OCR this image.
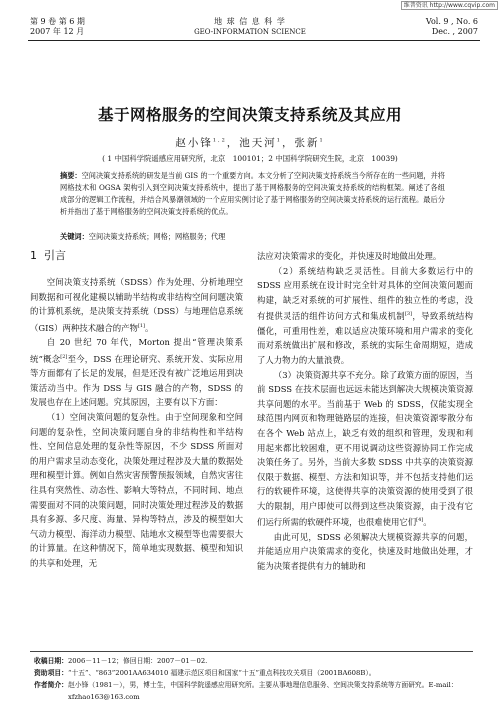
维普资讯 http://www.cqvip.com
第 9 卷 第 6 期
2007 年 12 月
地 球 信 息 科 学
GEO-INFORMATION SCIENCE
Vol. 9 , No. 6
Dec. , 2007
基于网格服务的空间决策支持系统及其应用
赵小锋$^{1,2}$，池天河$^1$，张新$^1$
( 1 中国科学院遥感应用研究所，北京　100101；2 中国科学院研究生院，北京　10039)
摘要：空间决策支持系统的研发是当前 GIS 的一个重要方向。本文分析了空间决策支持系统当今所存在的一些问题，并将网格技术和 OGSA 架构引入到空间决策支持系统中，提出了基于网格服务的空间决策支持系统的结构框架。阐述了各组成部分的逻辑工作流程，并结合风暴潮领域的一个应用实例讨论了基于网格服务的空间决策支持系统的运行流程。最后分析并指出了基于网格服务的空间决策支持系统的优点。
关键词：空间决策支持系统；网格；网格服务；代理
1 引言

空间决策支持系统（SDSS）作为处理、分析地理空间数据和可视化建模以辅助半结构或非结构空间问题决策的计算机系统，是决策支持系统（DSS）与地理信息系统（GIS）两种技术融合的产物[1]。

自 20 世纪 70 年代，Morton 提出“管理决策系统”概念[2]至今，DSS 在理论研究、系统开发、实际应用等方面都有了长足的发展，但是还没有被广泛地运用到决策活动当中。作为 DSS 与 GIS 融合的产物，SDSS 的发展也存在上述问题。究其原因，主要有以下方面：

（1）空间决策问题的复杂性。由于空间现象和空间问题的复杂性，空间决策问题自身的非结构性和半结构性、空间信息处理的复杂性等原因，不少 SDSS 所面对的用户需求呈动态变化，决策处理过程涉及大量的数据处理和模型计算。例如自然灾害预警预报领域，自然灾害往往具有突然性、动态性、影响大等特点，不同时间、地点需要面对不同的决策问题，同时决策处理过程涉及的数据具有多源、多尺度、海量、异构等特点，涉及的模型如大气动力模型、海洋动力模型、陆地水文模型等也需要很大的计算量。在这种情况下，简单地实现数据、模型和知识的共享和处理，无

法应对决策需求的变化，并快速及时地做出处理。

（2）系统结构缺乏灵活性。目前大多数运行中的 SDSS 应用系统在设计时完全针对具体的空间决策问题而构建，缺乏对系统的可扩展性、组件的独立性的考虑，没有提供灵活的组件访问方式和集成机制[3]，导致系统结构僵化，可重用性差，难以适应决策环境和用户需求的变化而对系统做出扩展和修改，系统的实际生命周期短，造成了人力物力的大量浪费。

（3）决策资源共享不充分。除了政策方面的原因，当前 SDSS 在技术层面也远远未能达到解决大规模决策资源共享问题的水平。当前基于 Web 的 SDSS，仅能实现全球范围内网页和物理链路层的连接，但决策资源零散分布在各个 Web 站点上，缺乏有效的组织和管理，发现和利用起来都比较困难，更不用说调动这些资源协同工作完成决策任务了。另外，当前大多数 SDSS 中共享的决策资源仅限于数据、模型、方法和知识等，并不包括支持他们运行的软硬件环境，这使得共享的决策资源的使用受到了很大的限制，用户即使可以得到这些决策资源，由于没有它们运行所需的软硬件环境，也很难使用它们[4]。

由此可见，SDSS 必须解决大规模资源共享的问题，并能适应用户决策需求的变化，快速及时地做出处理，才能为决策者提供有力的辅助和

收稿日期：2006－11－12；修回日期：2007－01－02.
资助项目：“十五”、“863”2001AA634010 福建示范区项目和国家“十五”重点科技攻关项目（2001BA608B）。
作者简介：赵小锋（1981－），男，博士生，中国科学院遥感应用研究所。主要从事地理信息服务、空间决策支持系统等方面研究。E-mail：xfzhao163@163.com
